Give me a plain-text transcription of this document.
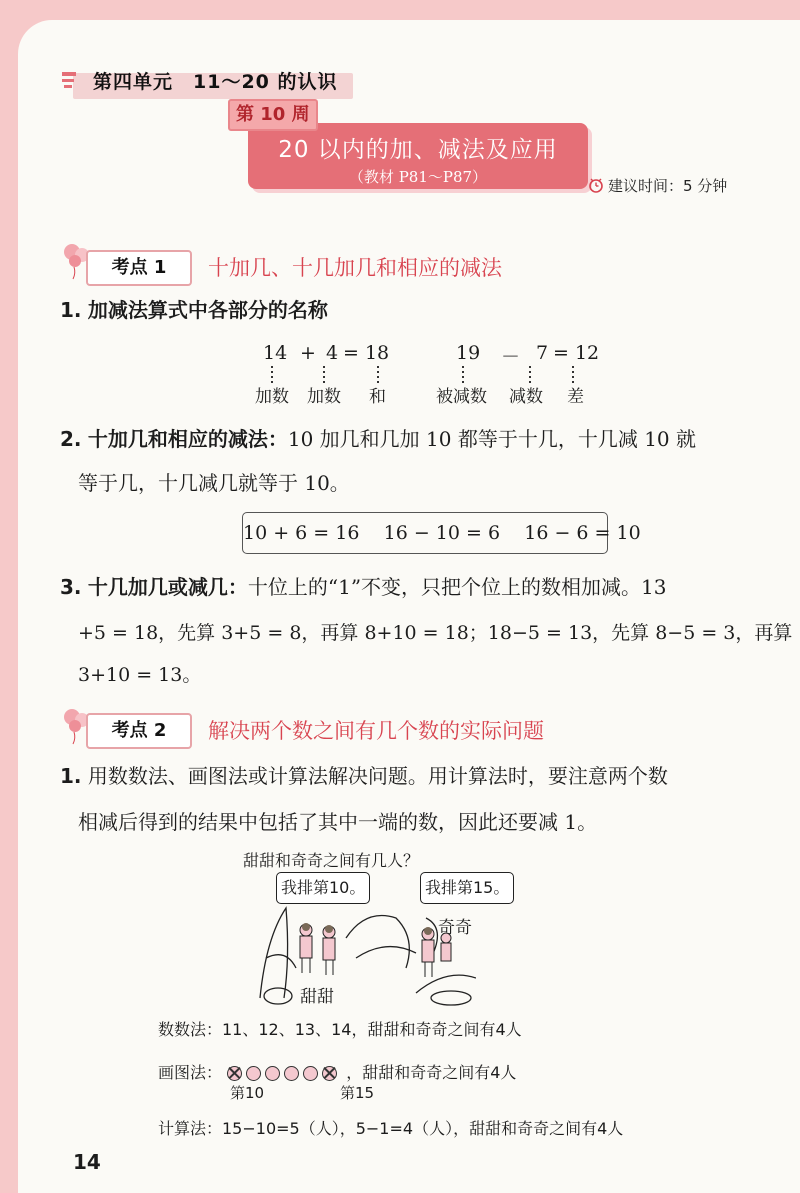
第四单元　11～20 的认识
20 以内的加、减法及应用
（教材 P81～P87）
第 10 周
建议时间：5 分钟
考点 1	十加几、十几加几和相应的减法
1. 加减法算式中各部分的名称
14 + 4 = 18	19 － 7 = 12
加数 加数 和	被减数 减数 差
2. 十加几和相应的减法：10 加几和几加 10 都等于十几，十几减 10 就
等于几，十几减几就等于 10。
10 + 6 = 16 16 − 10 = 6 16 − 6 = 10
3. 十几加几或减几：十位上的“1”不变，只把个位上的数相加减。13
+5 = 18，先算 3+5 = 8，再算 8+10 = 18；18−5 = 13，先算 8−5 = 3，再算
3+10 = 13。
考点 2	解决两个数之间有几个数的实际问题
1. 用数数法、画图法或计算法解决问题。用计算法时，要注意两个数
相减后得到的结果中包括了其中一端的数，因此还要减 1。
甜甜和奇奇之间有几人？
我排第10。	我排第15。
奇奇
甜甜
数数法：11、12、13、14，甜甜和奇奇之间有4人
画图法：	，甜甜和奇奇之间有4人
第10	第15
计算法：15−10=5（人），5−1=4（人），甜甜和奇奇之间有4人
14
